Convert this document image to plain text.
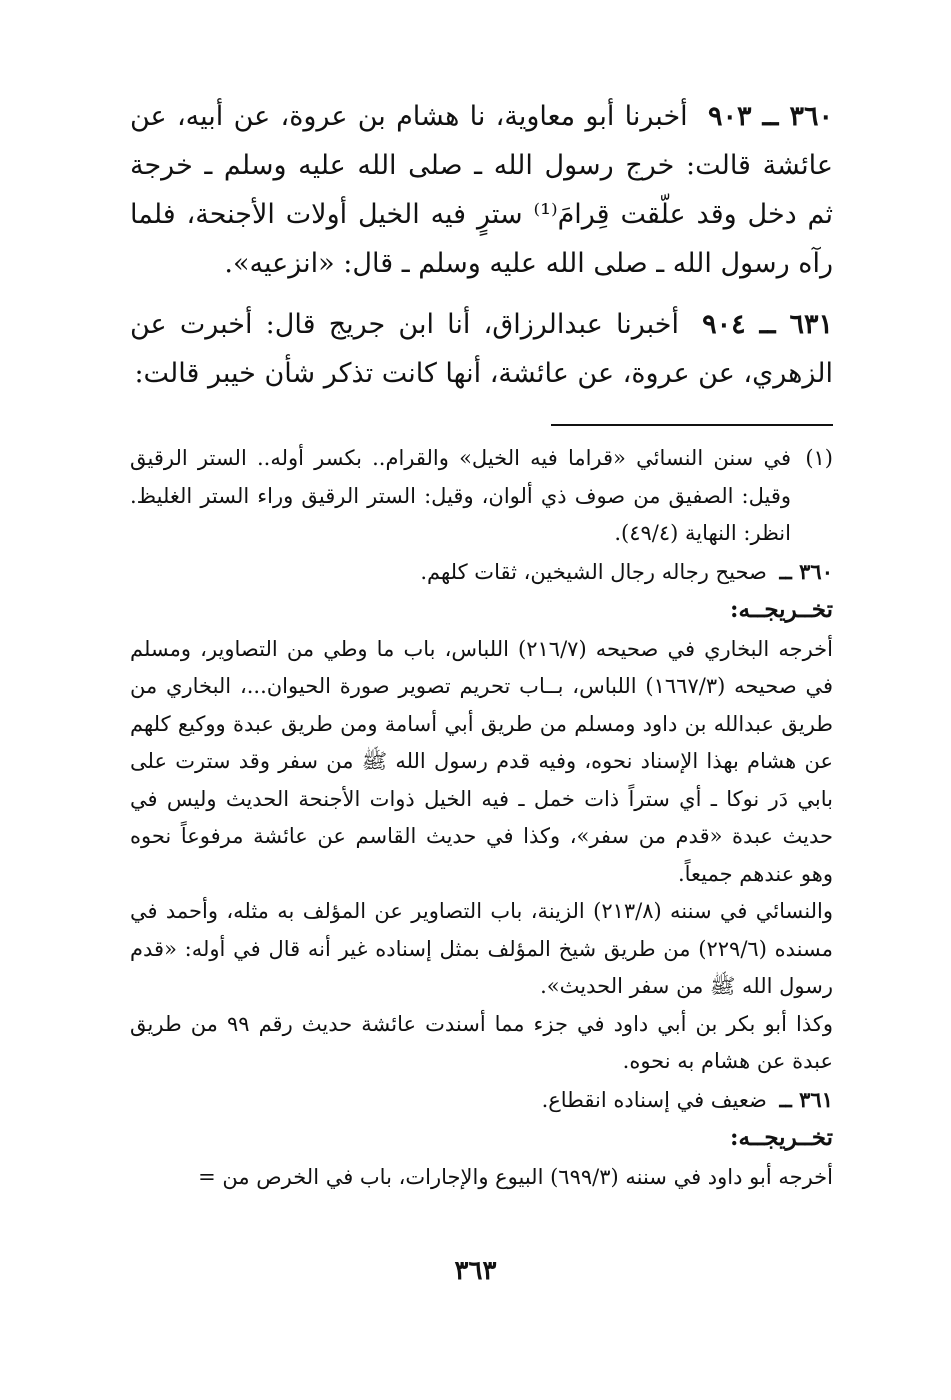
٣٦٠ ــ ٩٠٣ أخبرنا أبو معاوية، نا هشام بن عروة، عن أبيه، عن عائشة قالت: خرج رسول الله ـ صلى الله عليه وسلم ـ خرجة ثم دخل وقد علّقت قِرامَ⁽¹⁾ سترٍ فيه الخيل أولات الأجنحة، فلما رآه رسول الله ـ صلى الله عليه وسلم ـ قال: «انزعيه».

٦٣١ ــ ٩٠٤ أخبرنا عبدالرزاق، أنا ابن جريج قال: أخبرت عن الزهري، عن عروة، عن عائشة، أنها كانت تذكر شأن خيبر قالت:

(١)
في سنن النسائي «قراما فيه الخيل» والقرام.. بكسر أوله.. الستر الرقيق وقيل: الصفيق من صوف ذي ألوان، وقيل: الستر الرقيق وراء الستر الغليظ. انظر: النهاية (٤٩/٤).

٣٦٠ ــ صحيح رجاله رجال الشيخين، ثقات كلهم.

تخــريجــه:

أخرجه البخاري في صحيحه (٢١٦/٧) اللباس، باب ما وطي من التصاوير، ومسلم في صحيحه (١٦٦٧/٣) اللباس، بــاب تحريم تصوير صورة الحيوان...، البخاري من طريق عبدالله بن داود ومسلم من طريق أبي أسامة ومن طريق عبدة ووكيع كلهم عن هشام بهذا الإسناد نحوه، وفيه قدم رسول الله ﷺ من سفر وقد سترت على بابي دَر نوكا ـ أي ستراً ذات خمل ـ فيه الخيل ذوات الأجنحة الحديث وليس في حديث عبدة «قدم من سفر»، وكذا في حديث القاسم عن عائشة مرفوعاً نحوه وهو عندهم جميعاً.

والنسائي في سننه (٢١٣/٨) الزينة، باب التصاوير عن المؤلف به مثله، وأحمد في مسنده (٢٢٩/٦) من طريق شيخ المؤلف بمثل إسناده غير أنه قال في أوله: «قدم رسول الله ﷺ من سفر الحديث».

وكذا أبو بكر بن أبي داود في جزء مما أسندت عائشة حديث رقم ٩٩ من طريق عبدة عن هشام به نحوه.

٣٦١ ــ ضعيف في إسناده انقطاع.

تخــريجــه:

أخرجه أبو داود في سننه (٦٩٩/٣) البيوع والإجارات، باب في الخرص من =

٣٦٣
